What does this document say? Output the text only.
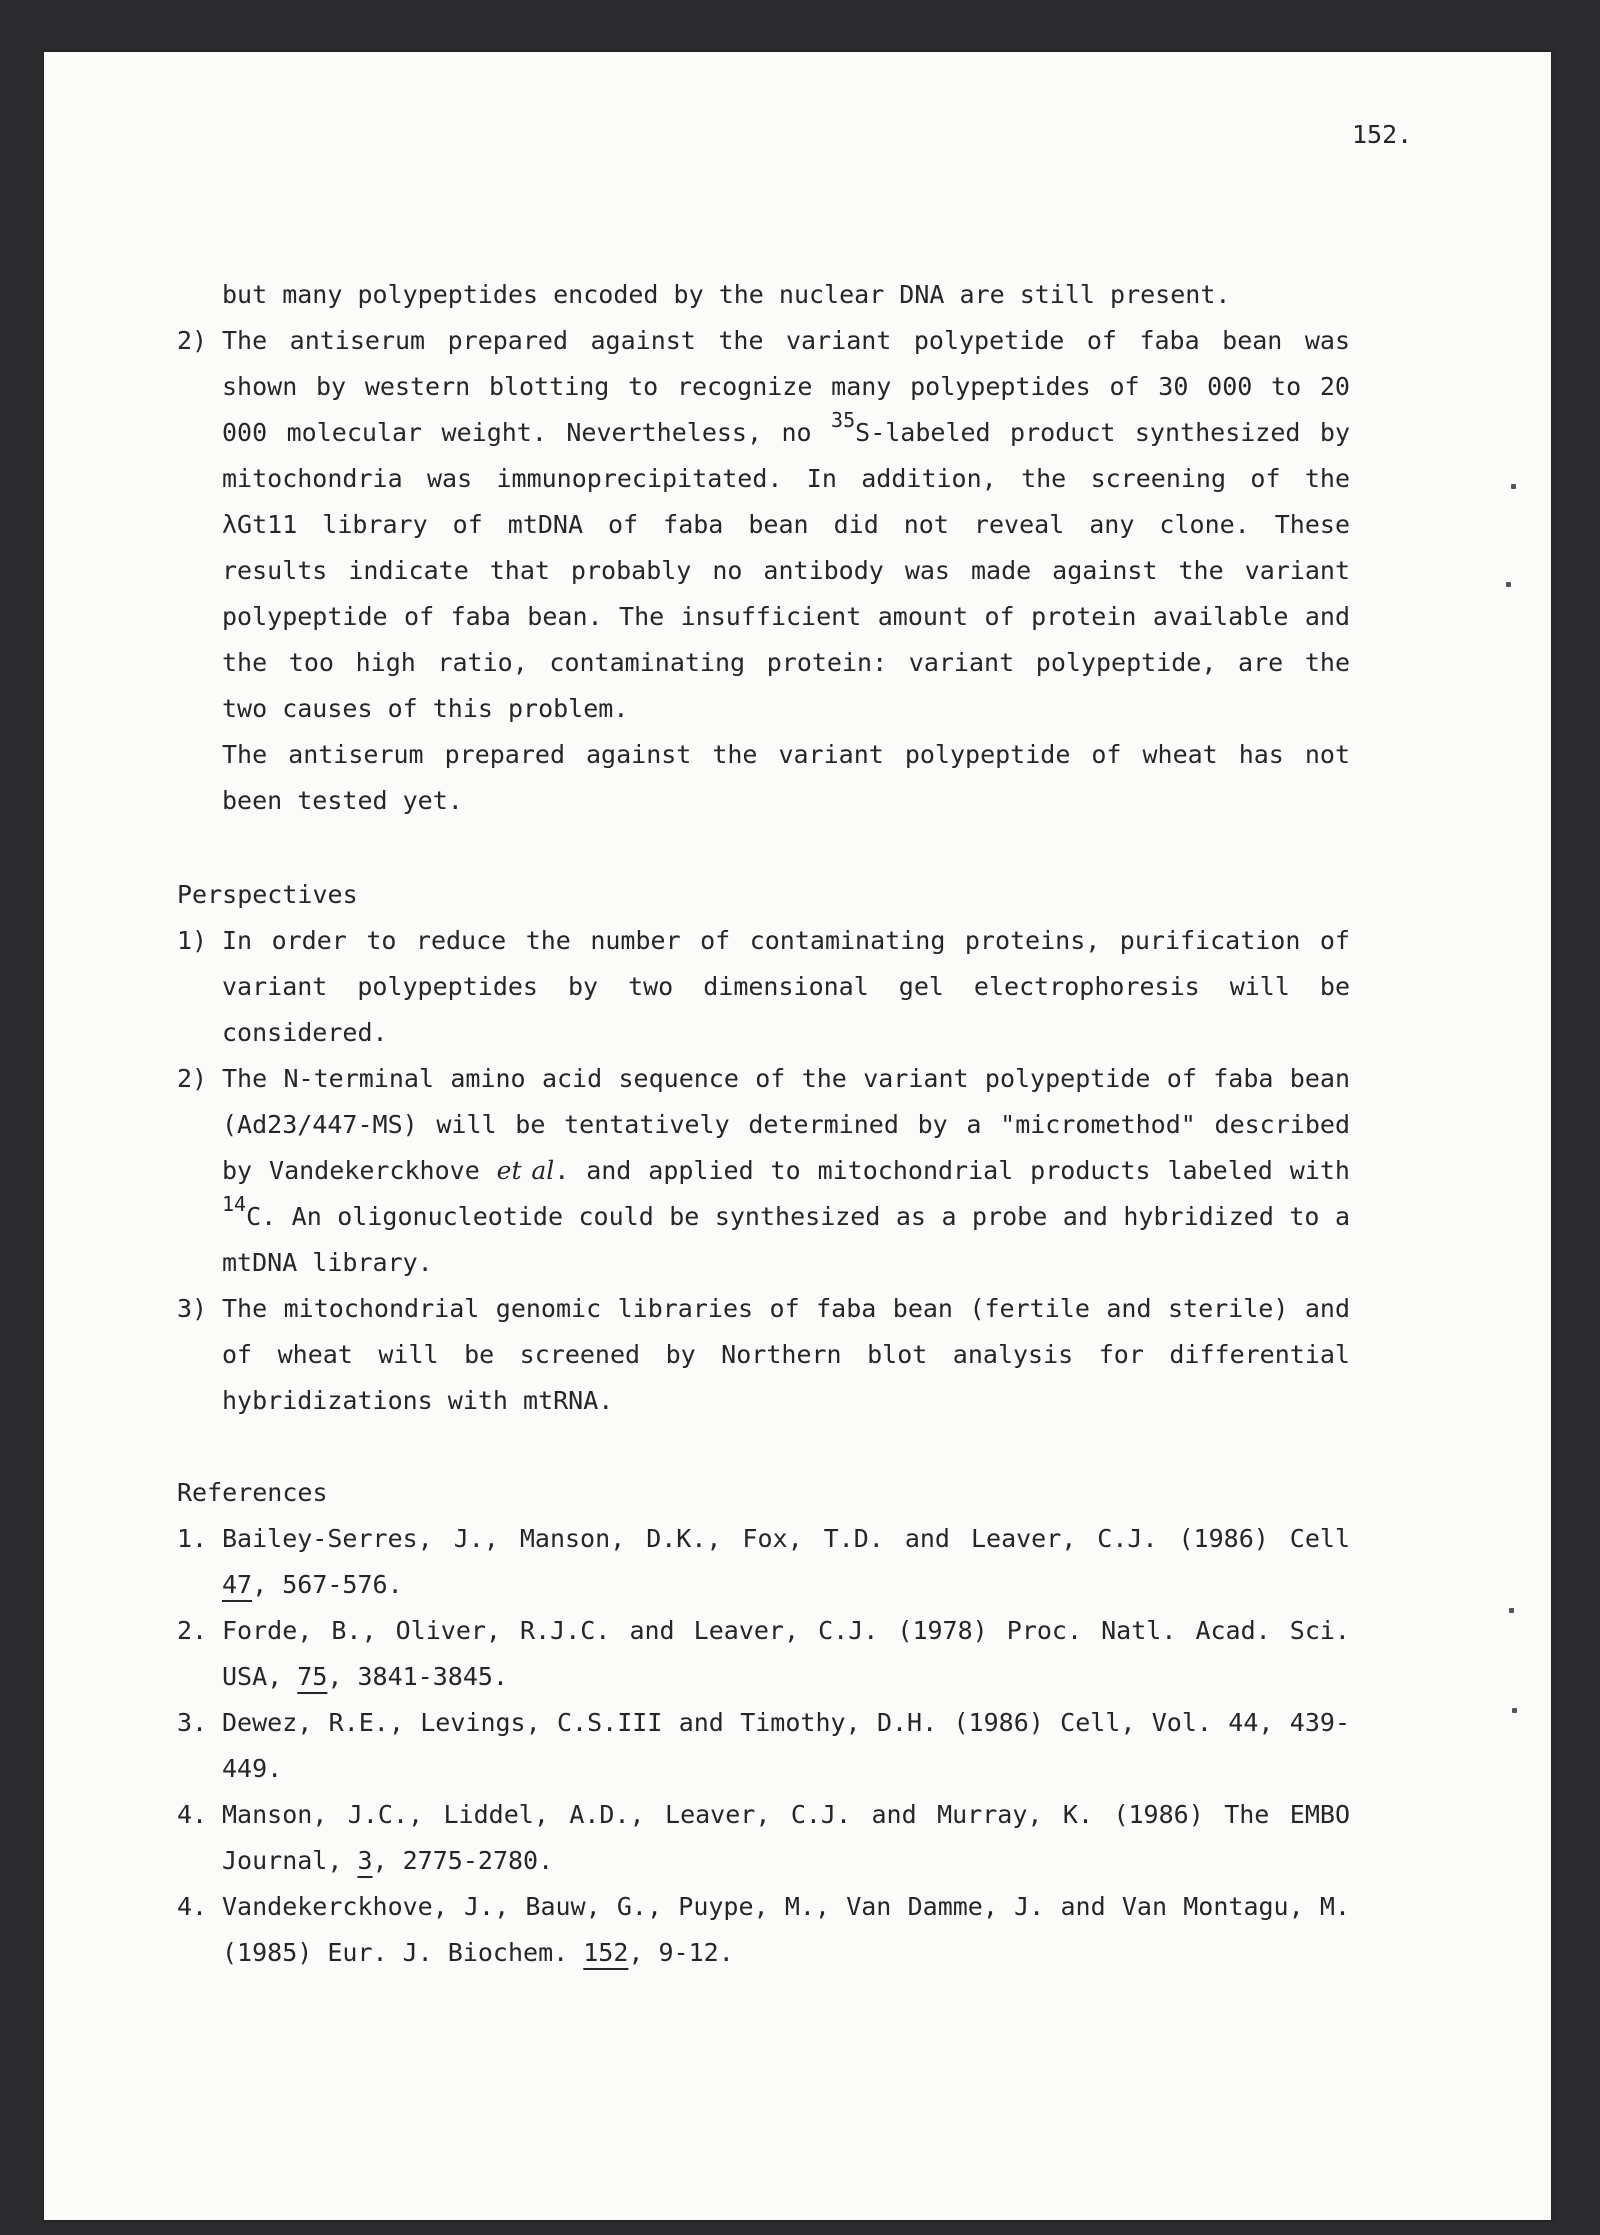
152.
but many polypeptides encoded by the nuclear DNA are still present.
2) The antiserum prepared against the variant polypetide of faba bean was shown by western blotting to recognize many polypeptides of 30 000 to 20 000 molecular weight. Nevertheless, no $^{35}$S-labeled product synthesized by mitochondria was immunoprecipitated. In addition, the screening of the λGt11 library of mtDNA of faba bean did not reveal any clone. These results indicate that probably no antibody was made against the variant polypeptide of faba bean. The insufficient amount of protein available and the too high ratio, contaminating protein: variant polypeptide, are the two causes of this problem.
The antiserum prepared against the variant polypeptide of wheat has not been tested yet.
Perspectives
1) In order to reduce the number of contaminating proteins, purification of variant polypeptides by two dimensional gel electrophoresis will be considered.
2) The N-terminal amino acid sequence of the variant polypeptide of faba bean (Ad23/447-MS) will be tentatively determined by a "micromethod" described by Vandekerckhove et al. and applied to mitochondrial products labeled with $^{14}$C. An oligonucleotide could be synthesized as a probe and hybridized to a mtDNA library.
3) The mitochondrial genomic libraries of faba bean (fertile and sterile) and of wheat will be screened by Northern blot analysis for differential hybridizations with mtRNA.
References
1. Bailey-Serres, J., Manson, D.K., Fox, T.D. and Leaver, C.J. (1986) Cell 47, 567-576.
2. Forde, B., Oliver, R.J.C. and Leaver, C.J. (1978) Proc. Natl. Acad. Sci. USA, 75, 3841-3845.
3. Dewez, R.E., Levings, C.S.III and Timothy, D.H. (1986) Cell, Vol. 44, 439-449.
4. Manson, J.C., Liddel, A.D., Leaver, C.J. and Murray, K. (1986) The EMBO Journal, 3, 2775-2780.
4. Vandekerckhove, J., Bauw, G., Puype, M., Van Damme, J. and Van Montagu, M. (1985) Eur. J. Biochem. 152, 9-12.
